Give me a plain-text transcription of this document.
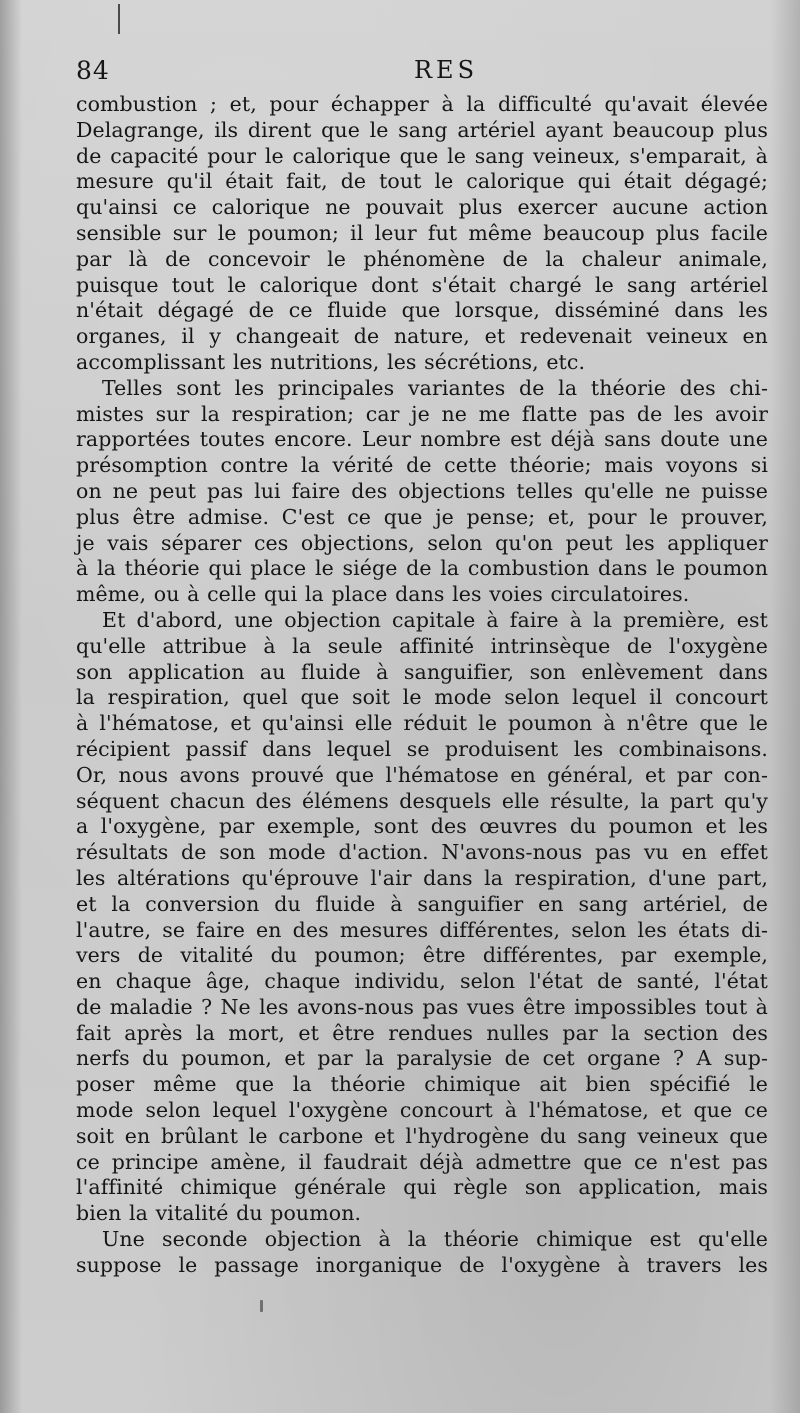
84	RES
combustion ; et, pour échapper à la difficulté qu'avait élevée
Delagrange, ils dirent que le sang artériel ayant beaucoup plus
de capacité pour le calorique que le sang veineux, s'emparait, à
mesure qu'il était fait, de tout le calorique qui était dégagé;
qu'ainsi ce calorique ne pouvait plus exercer aucune action
sensible sur le poumon; il leur fut même beaucoup plus facile
par là de concevoir le phénomène de la chaleur animale,
puisque tout le calorique dont s'était chargé le sang artériel
n'était dégagé de ce fluide que lorsque, disséminé dans les
organes, il y changeait de nature, et redevenait veineux en
accomplissant les nutritions, les sécrétions, etc.
Telles sont les principales variantes de la théorie des chi-
mistes sur la respiration; car je ne me flatte pas de les avoir
rapportées toutes encore. Leur nombre est déjà sans doute une
présomption contre la vérité de cette théorie; mais voyons si
on ne peut pas lui faire des objections telles qu'elle ne puisse
plus être admise. C'est ce que je pense; et, pour le prouver,
je vais séparer ces objections, selon qu'on peut les appliquer
à la théorie qui place le siége de la combustion dans le poumon
même, ou à celle qui la place dans les voies circulatoires.
Et d'abord, une objection capitale à faire à la première, est
qu'elle attribue à la seule affinité intrinsèque de l'oxygène
son application au fluide à sanguifier, son enlèvement dans
la respiration, quel que soit le mode selon lequel il concourt
à l'hématose, et qu'ainsi elle réduit le poumon à n'être que le
récipient passif dans lequel se produisent les combinaisons.
Or, nous avons prouvé que l'hématose en général, et par con-
séquent chacun des élémens desquels elle résulte, la part qu'y
a l'oxygène, par exemple, sont des œuvres du poumon et les
résultats de son mode d'action. N'avons-nous pas vu en effet
les altérations qu'éprouve l'air dans la respiration, d'une part,
et la conversion du fluide à sanguifier en sang artériel, de
l'autre, se faire en des mesures différentes, selon les états di-
vers de vitalité du poumon; être différentes, par exemple,
en chaque âge, chaque individu, selon l'état de santé, l'état
de maladie ? Ne les avons-nous pas vues être impossibles tout à
fait après la mort, et être rendues nulles par la section des
nerfs du poumon, et par la paralysie de cet organe ? A sup-
poser même que la théorie chimique ait bien spécifié le
mode selon lequel l'oxygène concourt à l'hématose, et que ce
soit en brûlant le carbone et l'hydrogène du sang veineux que
ce principe amène, il faudrait déjà admettre que ce n'est pas
l'affinité chimique générale qui règle son application, mais
bien la vitalité du poumon.
Une seconde objection à la théorie chimique est qu'elle
suppose le passage inorganique de l'oxygène à travers les
